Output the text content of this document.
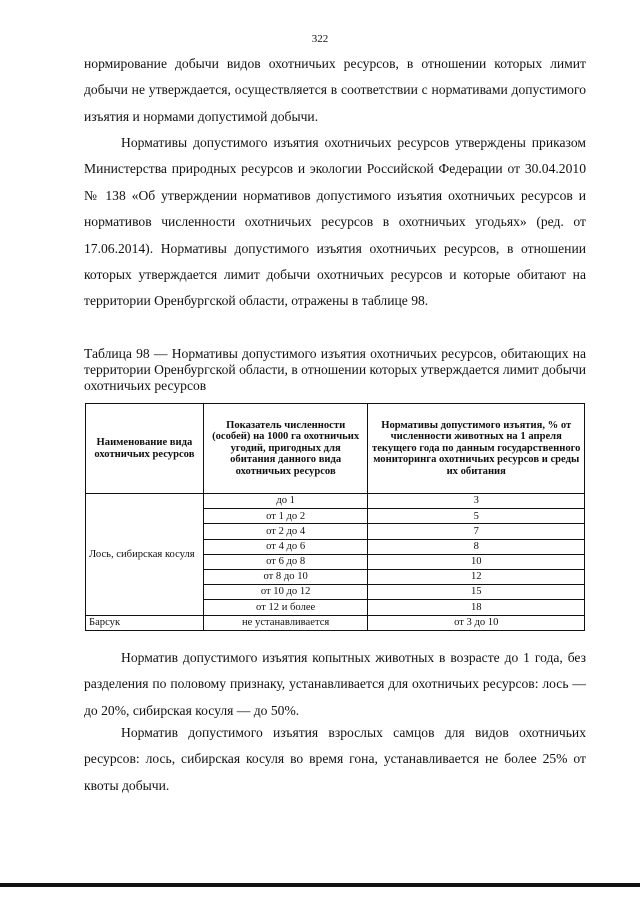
322

нормирование добычи видов охотничьих ресурсов, в отношении которых лимит добычи не утверждается, осуществляется в соответствии с нормативами допустимого изъятия и нормами допустимой добычи.

Нормативы допустимого изъятия охотничьих ресурсов утверждены приказом Министерства природных ресурсов и экологии Российской Федерации от 30.04.2010 № 138 «Об утверждении нормативов допустимого изъятия охотничьих ресурсов и нормативов численности охотничьих ресурсов в охотничьих угодьях» (ред. от 17.06.2014). Нормативы допустимого изъятия охотничьих ресурсов, в отношении которых утверждается лимит добычи охотничьих ресурсов и которые обитают на территории Оренбургской области, отражены в таблице 98.

Таблица 98 — Нормативы допустимого изъятия охотничьих ресурсов, обитающих на территории Оренбургской области, в отношении которых утверждается лимит добычи охотничьих ресурсов
Наименование вида охотничьих ресурсов	Показатель численности (особей) на 1000 га охотничьих угодий, пригодных для обитания данного вида охотничьих ресурсов	Нормативы допустимого изъятия, % от численности животных на 1 апреля текущего года по данным государственного мониторинга охотничьих ресурсов и среды их обитания
Лось, сибирская косуля	до 1	3
	от 1 до 2	5
	от 2 до 4	7
	от 4 до 6	8
	от 6 до 8	10
	от 8 до 10	12
	от 10 до 12	15
	от 12 и более	18
Барсук	не устанавливается	от 3 до 10

Норматив допустимого изъятия копытных животных в возрасте до 1 года, без разделения по половому признаку, устанавливается для охотничьих ресурсов: лось — до 20%, сибирская косуля — до 50%.

Норматив допустимого изъятия взрослых самцов для видов охотничьих ресурсов: лось, сибирская косуля во время гона, устанавливается не более 25% от квоты добычи.
